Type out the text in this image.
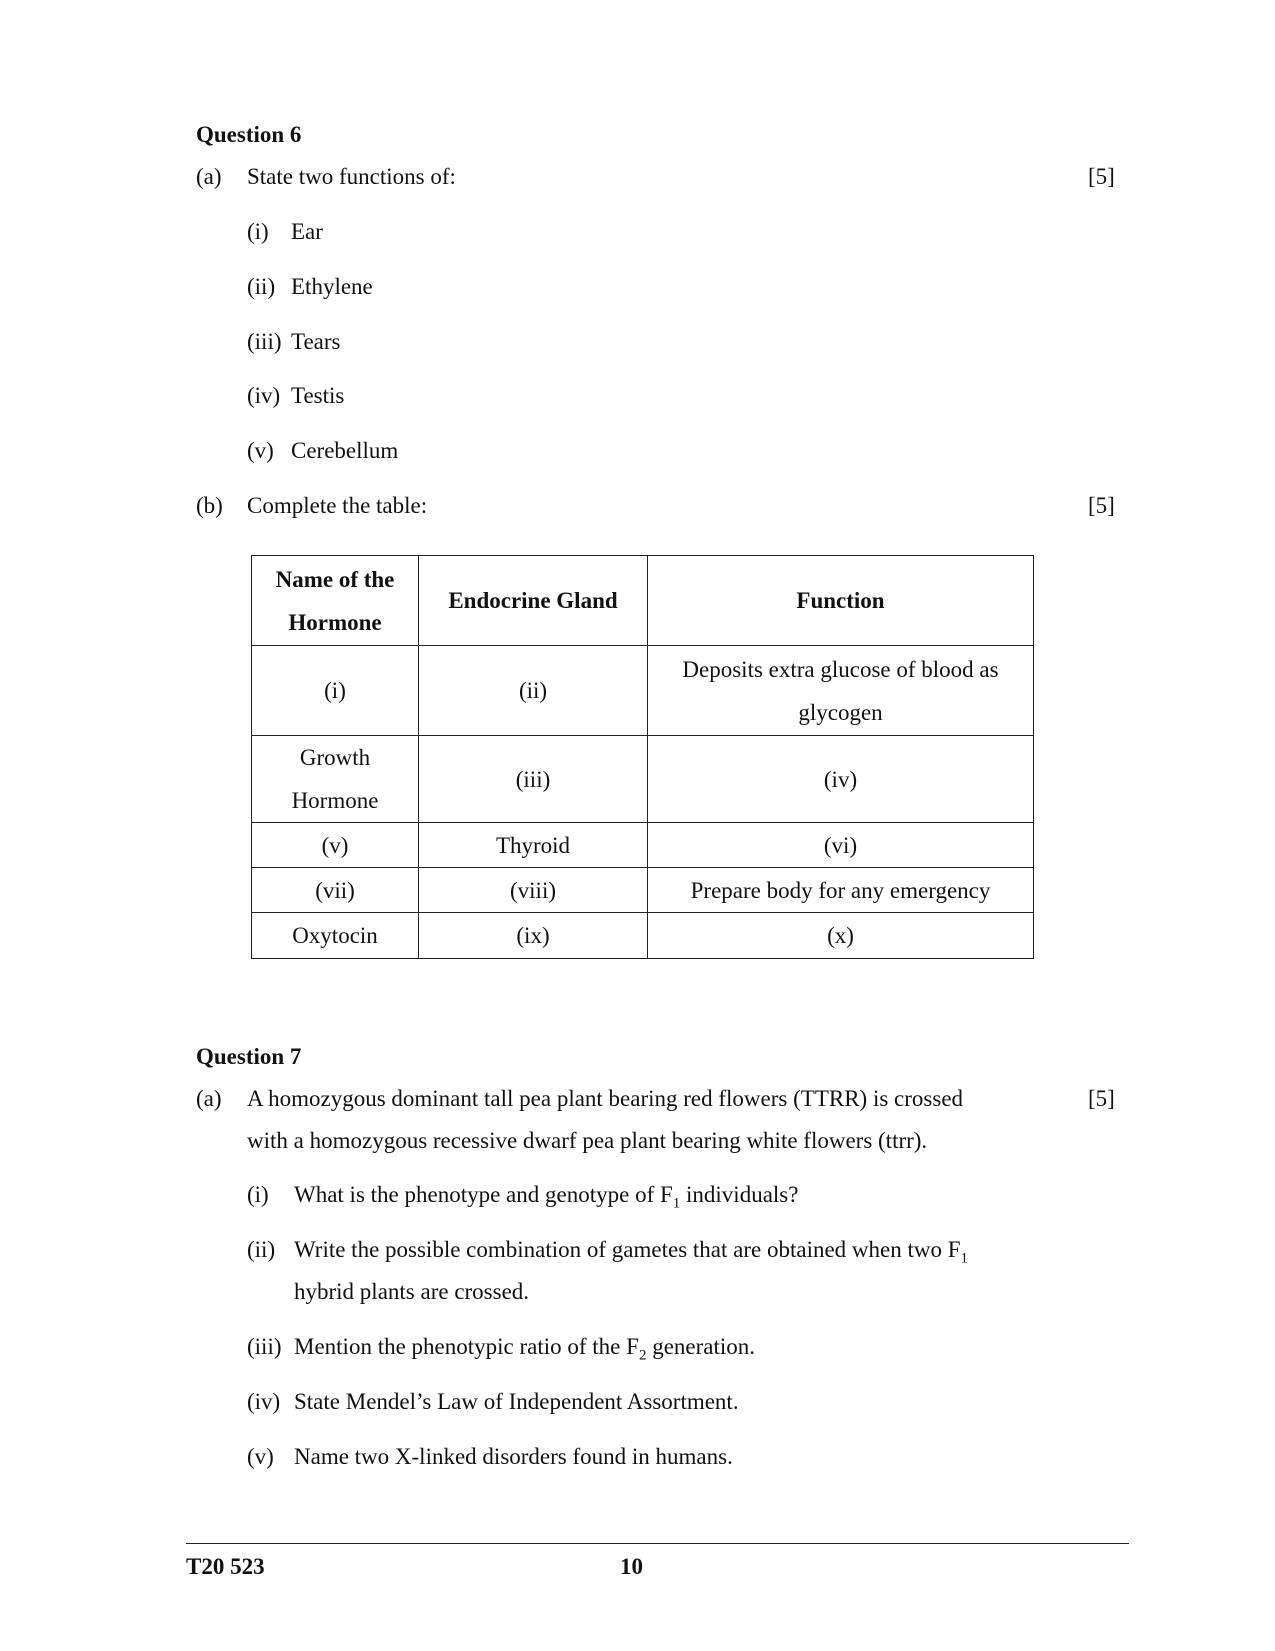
Question 6
(a) State two functions of:	[5]
(i) Ear
(ii) Ethylene
(iii) Tears
(iv) Testis
(v) Cerebellum
(b) Complete the table:	[5]
Name of the Hormone	Endocrine Gland	Function
(i)	(ii)	Deposits extra glucose of blood as glycogen
Growth Hormone	(iii)	(iv)
(v)	Thyroid	(vi)
(vii)	(viii)	Prepare body for any emergency
Oxytocin	(ix)	(x)
Question 7
(a) A homozygous dominant tall pea plant bearing red flowers (TTRR) is crossed	[5]
with a homozygous recessive dwarf pea plant bearing white flowers (ttrr).
(i) What is the phenotype and genotype of $F_1$ individuals?
(ii) Write the possible combination of gametes that are obtained when two $F_1$
hybrid plants are crossed.
(iii) Mention the phenotypic ratio of the $F_2$ generation.
(iv) State Mendel’s Law of Independent Assortment.
(v) Name two X-linked disorders found in humans.
T20 523	10
